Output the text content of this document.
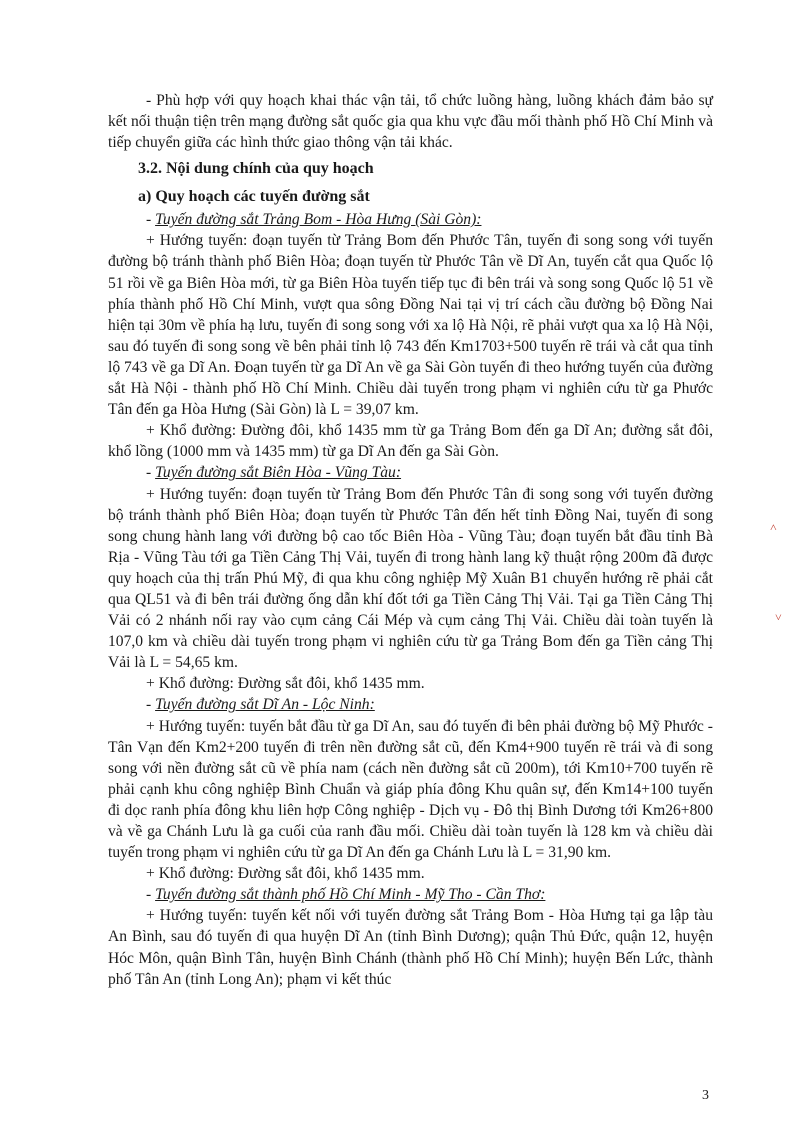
- Phù hợp với quy hoạch khai thác vận tải, tổ chức luồng hàng, luồng khách đảm bảo sự kết nối thuận tiện trên mạng đường sắt quốc gia qua khu vực đầu mối thành phố Hồ Chí Minh và tiếp chuyển giữa các hình thức giao thông vận tải khác.

3.2. Nội dung chính của quy hoạch

a) Quy hoạch các tuyến đường sắt

- Tuyến đường sắt Trảng Bom - Hòa Hưng (Sài Gòn):

+ Hướng tuyến: đoạn tuyến từ Trảng Bom đến Phước Tân, tuyến đi song song với tuyến đường bộ tránh thành phố Biên Hòa; đoạn tuyến từ Phước Tân về Dĩ An, tuyến cắt qua Quốc lộ 51 rồi về ga Biên Hòa mới, từ ga Biên Hòa tuyến tiếp tục đi bên trái và song song Quốc lộ 51 về phía thành phố Hồ Chí Minh, vượt qua sông Đồng Nai tại vị trí cách cầu đường bộ Đồng Nai hiện tại 30m về phía hạ lưu, tuyến đi song song với xa lộ Hà Nội, rẽ phải vượt qua xa lộ Hà Nội, sau đó tuyến đi song song về bên phải tỉnh lộ 743 đến Km1703+500 tuyến rẽ trái và cắt qua tỉnh lộ 743 về ga Dĩ An. Đoạn tuyến từ ga Dĩ An về ga Sài Gòn tuyến đi theo hướng tuyến của đường sắt Hà Nội - thành phố Hồ Chí Minh. Chiều dài tuyến trong phạm vi nghiên cứu từ ga Phước Tân đến ga Hòa Hưng (Sài Gòn) là L = 39,07 km.

+ Khổ đường: Đường đôi, khổ 1435 mm từ ga Trảng Bom đến ga Dĩ An; đường sắt đôi, khổ lồng (1000 mm và 1435 mm) từ ga Dĩ An đến ga Sài Gòn.

- Tuyến đường sắt Biên Hòa - Vũng Tàu:

+ Hướng tuyến: đoạn tuyến từ Trảng Bom đến Phước Tân đi song song với tuyến đường bộ tránh thành phố Biên Hòa; đoạn tuyến từ Phước Tân đến hết tỉnh Đồng Nai, tuyến đi song song chung hành lang với đường bộ cao tốc Biên Hòa - Vũng Tàu; đoạn tuyến bắt đầu tỉnh Bà Rịa - Vũng Tàu tới ga Tiền Cảng Thị Vải, tuyến đi trong hành lang kỹ thuật rộng 200m đã được quy hoạch của thị trấn Phú Mỹ, đi qua khu công nghiệp Mỹ Xuân B1 chuyển hướng rẽ phải cắt qua QL51 và đi bên trái đường ống dẫn khí đốt tới ga Tiền Cảng Thị Vải. Tại ga Tiền Cảng Thị Vải có 2 nhánh nối ray vào cụm cảng Cái Mép và cụm cảng Thị Vải. Chiều dài toàn tuyến là 107,0 km và chiều dài tuyến trong phạm vi nghiên cứu từ ga Trảng Bom đến ga Tiền cảng Thị Vải là L = 54,65 km.

+ Khổ đường: Đường sắt đôi, khổ 1435 mm.

- Tuyến đường sắt Dĩ An - Lộc Ninh:

+ Hướng tuyến: tuyến bắt đầu từ ga Dĩ An, sau đó tuyến đi bên phải đường bộ Mỹ Phước - Tân Vạn đến Km2+200 tuyến đi trên nền đường sắt cũ, đến Km4+900 tuyến rẽ trái và đi song song với nền đường sắt cũ về phía nam (cách nền đường sắt cũ 200m), tới Km10+700 tuyến rẽ phải cạnh khu công nghiệp Bình Chuẩn và giáp phía đông Khu quân sự, đến Km14+100 tuyến đi dọc ranh phía đông khu liên hợp Công nghiệp - Dịch vụ - Đô thị Bình Dương tới Km26+800 và về ga Chánh Lưu là ga cuối của ranh đầu mối. Chiều dài toàn tuyến là 128 km và chiều dài tuyến trong phạm vi nghiên cứu từ ga Dĩ An đến ga Chánh Lưu là L = 31,90 km.

+ Khổ đường: Đường sắt đôi, khổ 1435 mm.

- Tuyến đường sắt thành phố Hồ Chí Minh - Mỹ Tho - Cần Thơ:

+ Hướng tuyến: tuyến kết nối với tuyến đường sắt Trảng Bom - Hòa Hưng tại ga lập tàu An Bình, sau đó tuyến đi qua huyện Dĩ An (tỉnh Bình Dương); quận Thủ Đức, quận 12, huyện Hóc Môn, quận Bình Tân, huyện Bình Chánh (thành phố Hồ Chí Minh); huyện Bến Lức, thành phố Tân An (tỉnh Long An); phạm vi kết thúc

˄
˅
3
